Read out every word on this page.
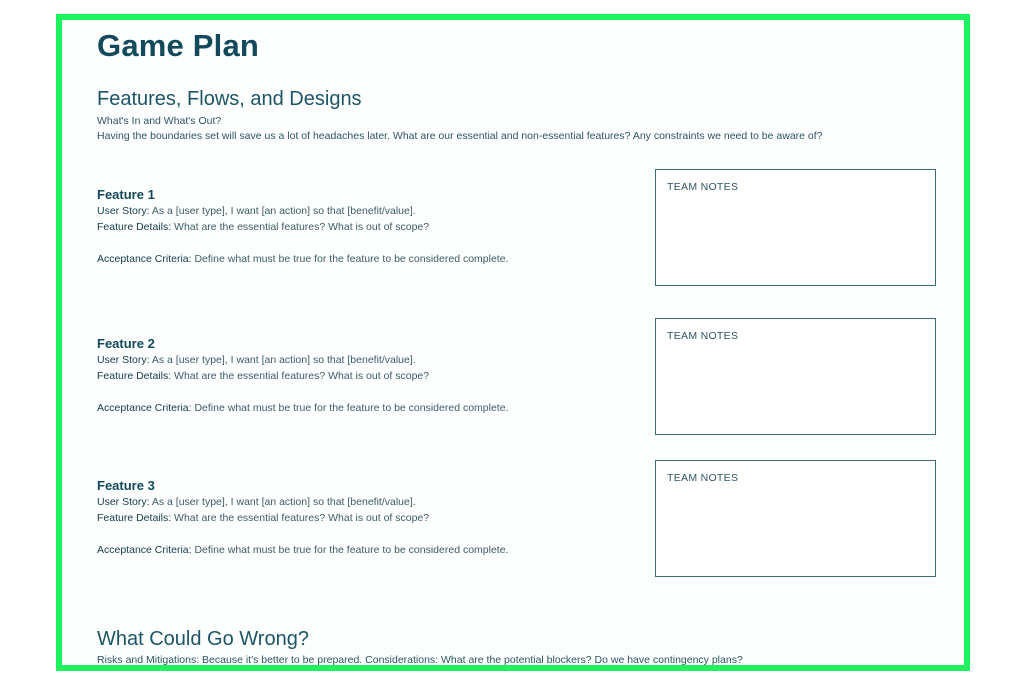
Game Plan
Features, Flows, and Designs
What's In and What's Out?
Having the boundaries set will save us a lot of headaches later. What are our essential and non-essential features? Any constraints we need to be aware of?
Feature 1
User Story: As a [user type], I want [an action] so that [benefit/value].
Feature Details: What are the essential features? What is out of scope?
Acceptance Criteria: Define what must be true for the feature to be considered complete.
TEAM NOTES
Feature 2
User Story: As a [user type], I want [an action] so that [benefit/value].
Feature Details: What are the essential features? What is out of scope?
Acceptance Criteria: Define what must be true for the feature to be considered complete.
TEAM NOTES
Feature 3
User Story: As a [user type], I want [an action] so that [benefit/value].
Feature Details: What are the essential features? What is out of scope?
Acceptance Criteria: Define what must be true for the feature to be considered complete.
TEAM NOTES
What Could Go Wrong?
Risks and Mitigations: Because it's better to be prepared. Considerations: What are the potential blockers? Do we have contingency plans?
